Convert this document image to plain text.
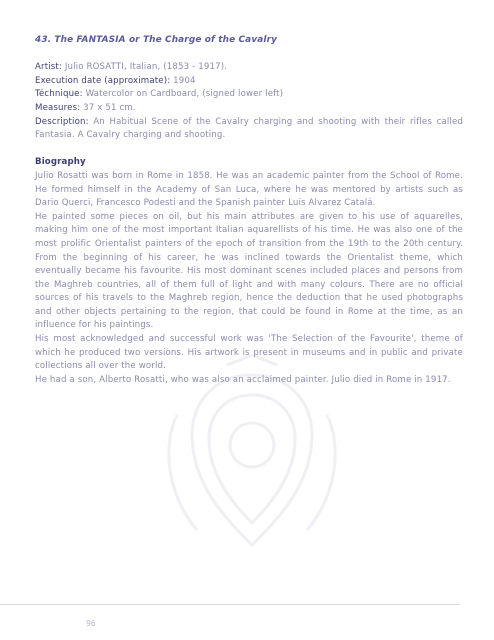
43. The FANTASIA or The Charge of the Cavalry
Artist: Julio ROSATTI, Italian, (1853 - 1917).
Execution date (approximate): 1904
Téchnique: Watercolor on Cardboard, (signed lower left)
Measures: 37 x 51 cm.
Description: An Habitual Scene of the Cavalry charging and shooting with their rifles called Fantasia. A Cavalry charging and shooting.
Biography

Julio Rosatti was born in Rome in 1858. He was an academic painter from the School of Rome. He formed himself in the Academy of San Luca, where he was mentored by artists such as Dario Querci, Francesco Podesti and the Spanish painter Luis Alvarez Catalá.

He painted some pieces on oil, but his main attributes are given to his use of aquarelles, making him one of the most important Italian aquarellists of his time. He was also one of the most prolific Orientalist painters of the epoch of transition from the 19th to the 20th century. From the beginning of his career, he was inclined towards the Orientalist theme, which eventually became his favourite. His most dominant scenes included places and persons from the Maghreb countries, all of them full of light and with many colours. There are no official sources of his travels to the Maghreb region, hence the deduction that he used photographs and other objects pertaining to the region, that could be found in Rome at the time, as an influence for his paintings.

His most acknowledged and successful work was 'The Selection of the Favourite', theme of which he produced two versions. His artwork is present in museums and in public and private collections all over the world.

He had a son, Alberto Rosatti, who was also an acclaimed painter. Julio died in Rome in 1917.

96
